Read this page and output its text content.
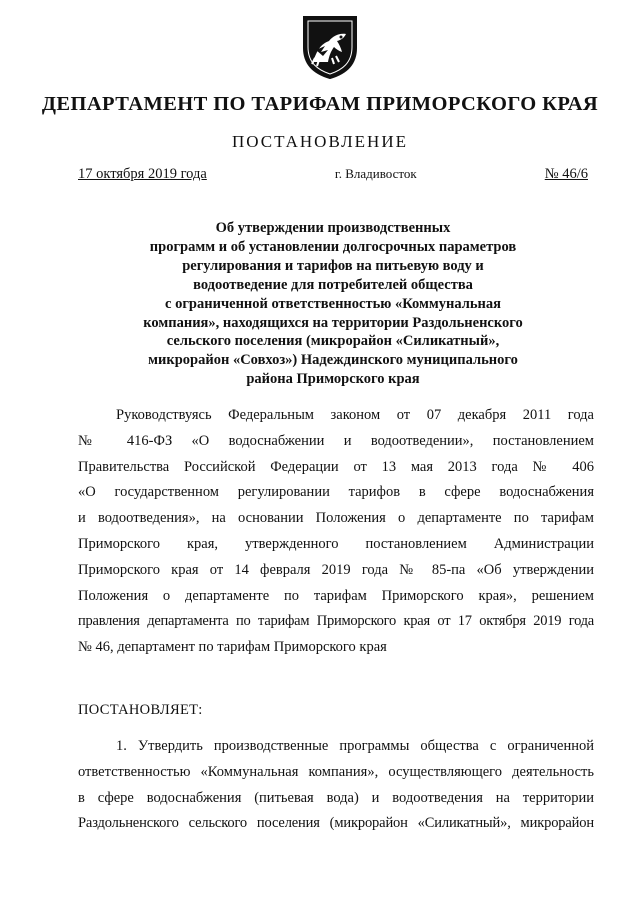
ДЕПАРТАМЕНТ ПО ТАРИФАМ ПРИМОРСКОГО КРАЯ
ПОСТАНОВЛЕНИЕ
17 октября 2019 года	г. Владивосток	№ 46/6
Об утверждении производственных
программ и об установлении долгосрочных параметров
регулирования и тарифов на питьевую воду и
водоотведение для потребителей общества
с ограниченной ответственностью «Коммунальная
компания», находящихся на территории Раздольненского
сельского поселения (микрорайон «Силикатный»,
микрорайон «Совхоз») Надеждинского муниципального
района Приморского края
Руководствуясь Федеральным законом от 07 декабря 2011 года
№ 416-ФЗ «О водоснабжении и водоотведении», постановлением
Правительства Российской Федерации от 13 мая 2013 года № 406
«О государственном регулировании тарифов в сфере водоснабжения
и водоотведения», на основании Положения о департаменте по тарифам
Приморского края, утвержденного постановлением Администрации
Приморского края от 14 февраля 2019 года № 85-па «Об утверждении
Положения о департаменте по тарифам Приморского края», решением
правления департамента по тарифам Приморского края от 17 октября 2019 года
№ 46, департамент по тарифам Приморского края
ПОСТАНОВЛЯЕТ:
1. Утвердить производственные программы общества с ограниченной
ответственностью «Коммунальная компания», осуществляющего деятельность
в сфере водоснабжения (питьевая вода) и водоотведения на территории
Раздольненского сельского поселения (микрорайон «Силикатный», микрорайон
